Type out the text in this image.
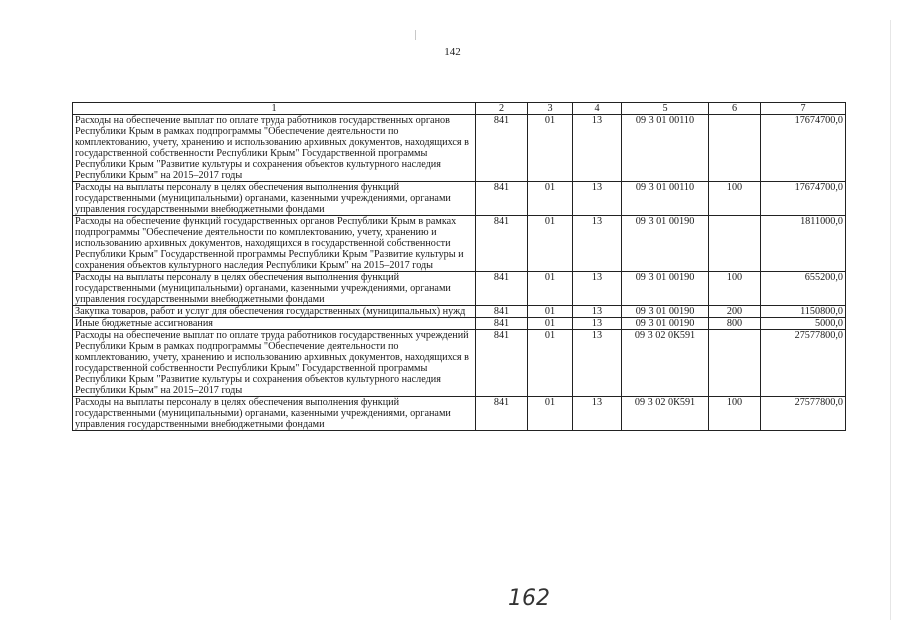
142
1	2	3	4	5	6	7
Расходы на обеспечение выплат по оплате труда работников государственных органов Республики Крым в рамках подпрограммы "Обеспечение деятельности по комплектованию, учету, хранению и использованию архивных документов, находящихся в государственной собственности Республики Крым" Государственной программы Республики Крым "Развитие культуры и сохранения объектов культурного наследия Республики Крым" на 2015–2017 годы	841	01	13	09 3 01 00110		17674700,0
Расходы на выплаты персоналу в целях обеспечения выполнения функций государственными (муниципальными) органами, казенными учреждениями, органами управления государственными внебюджетными фондами	841	01	13	09 3 01 00110	100	17674700,0
Расходы на обеспечение функций государственных органов Республики Крым в рамках подпрограммы "Обеспечение деятельности по комплектованию, учету, хранению и использованию архивных документов, находящихся в государственной собственности Республики Крым" Государственной программы Республики Крым "Развитие культуры и сохранения объектов культурного наследия Республики Крым" на 2015–2017 годы	841	01	13	09 3 01 00190		1811000,0
Расходы на выплаты персоналу в целях обеспечения выполнения функций государственными (муниципальными) органами, казенными учреждениями, органами управления государственными внебюджетными фондами	841	01	13	09 3 01 00190	100	655200,0
Закупка товаров, работ и услуг для обеспечения государственных (муниципальных) нужд	841	01	13	09 3 01 00190	200	1150800,0
Иные бюджетные ассигнования	841	01	13	09 3 01 00190	800	5000,0
Расходы на обеспечение выплат по оплате труда работников государственных учреждений Республики Крым в рамках подпрограммы "Обеспечение деятельности по комплектованию, учету, хранению и использованию архивных документов, находящихся в государственной собственности Республики Крым" Государственной программы Республики Крым "Развитие культуры и сохранения объектов культурного наследия Республики Крым" на 2015–2017 годы	841	01	13	09 3 02 0К591		27577800,0
Расходы на выплаты персоналу в целях обеспечения выполнения функций государственными (муниципальными) органами, казенными учреждениями, органами управления государственными внебюджетными фондами	841	01	13	09 3 02 0К591	100	27577800,0
162
